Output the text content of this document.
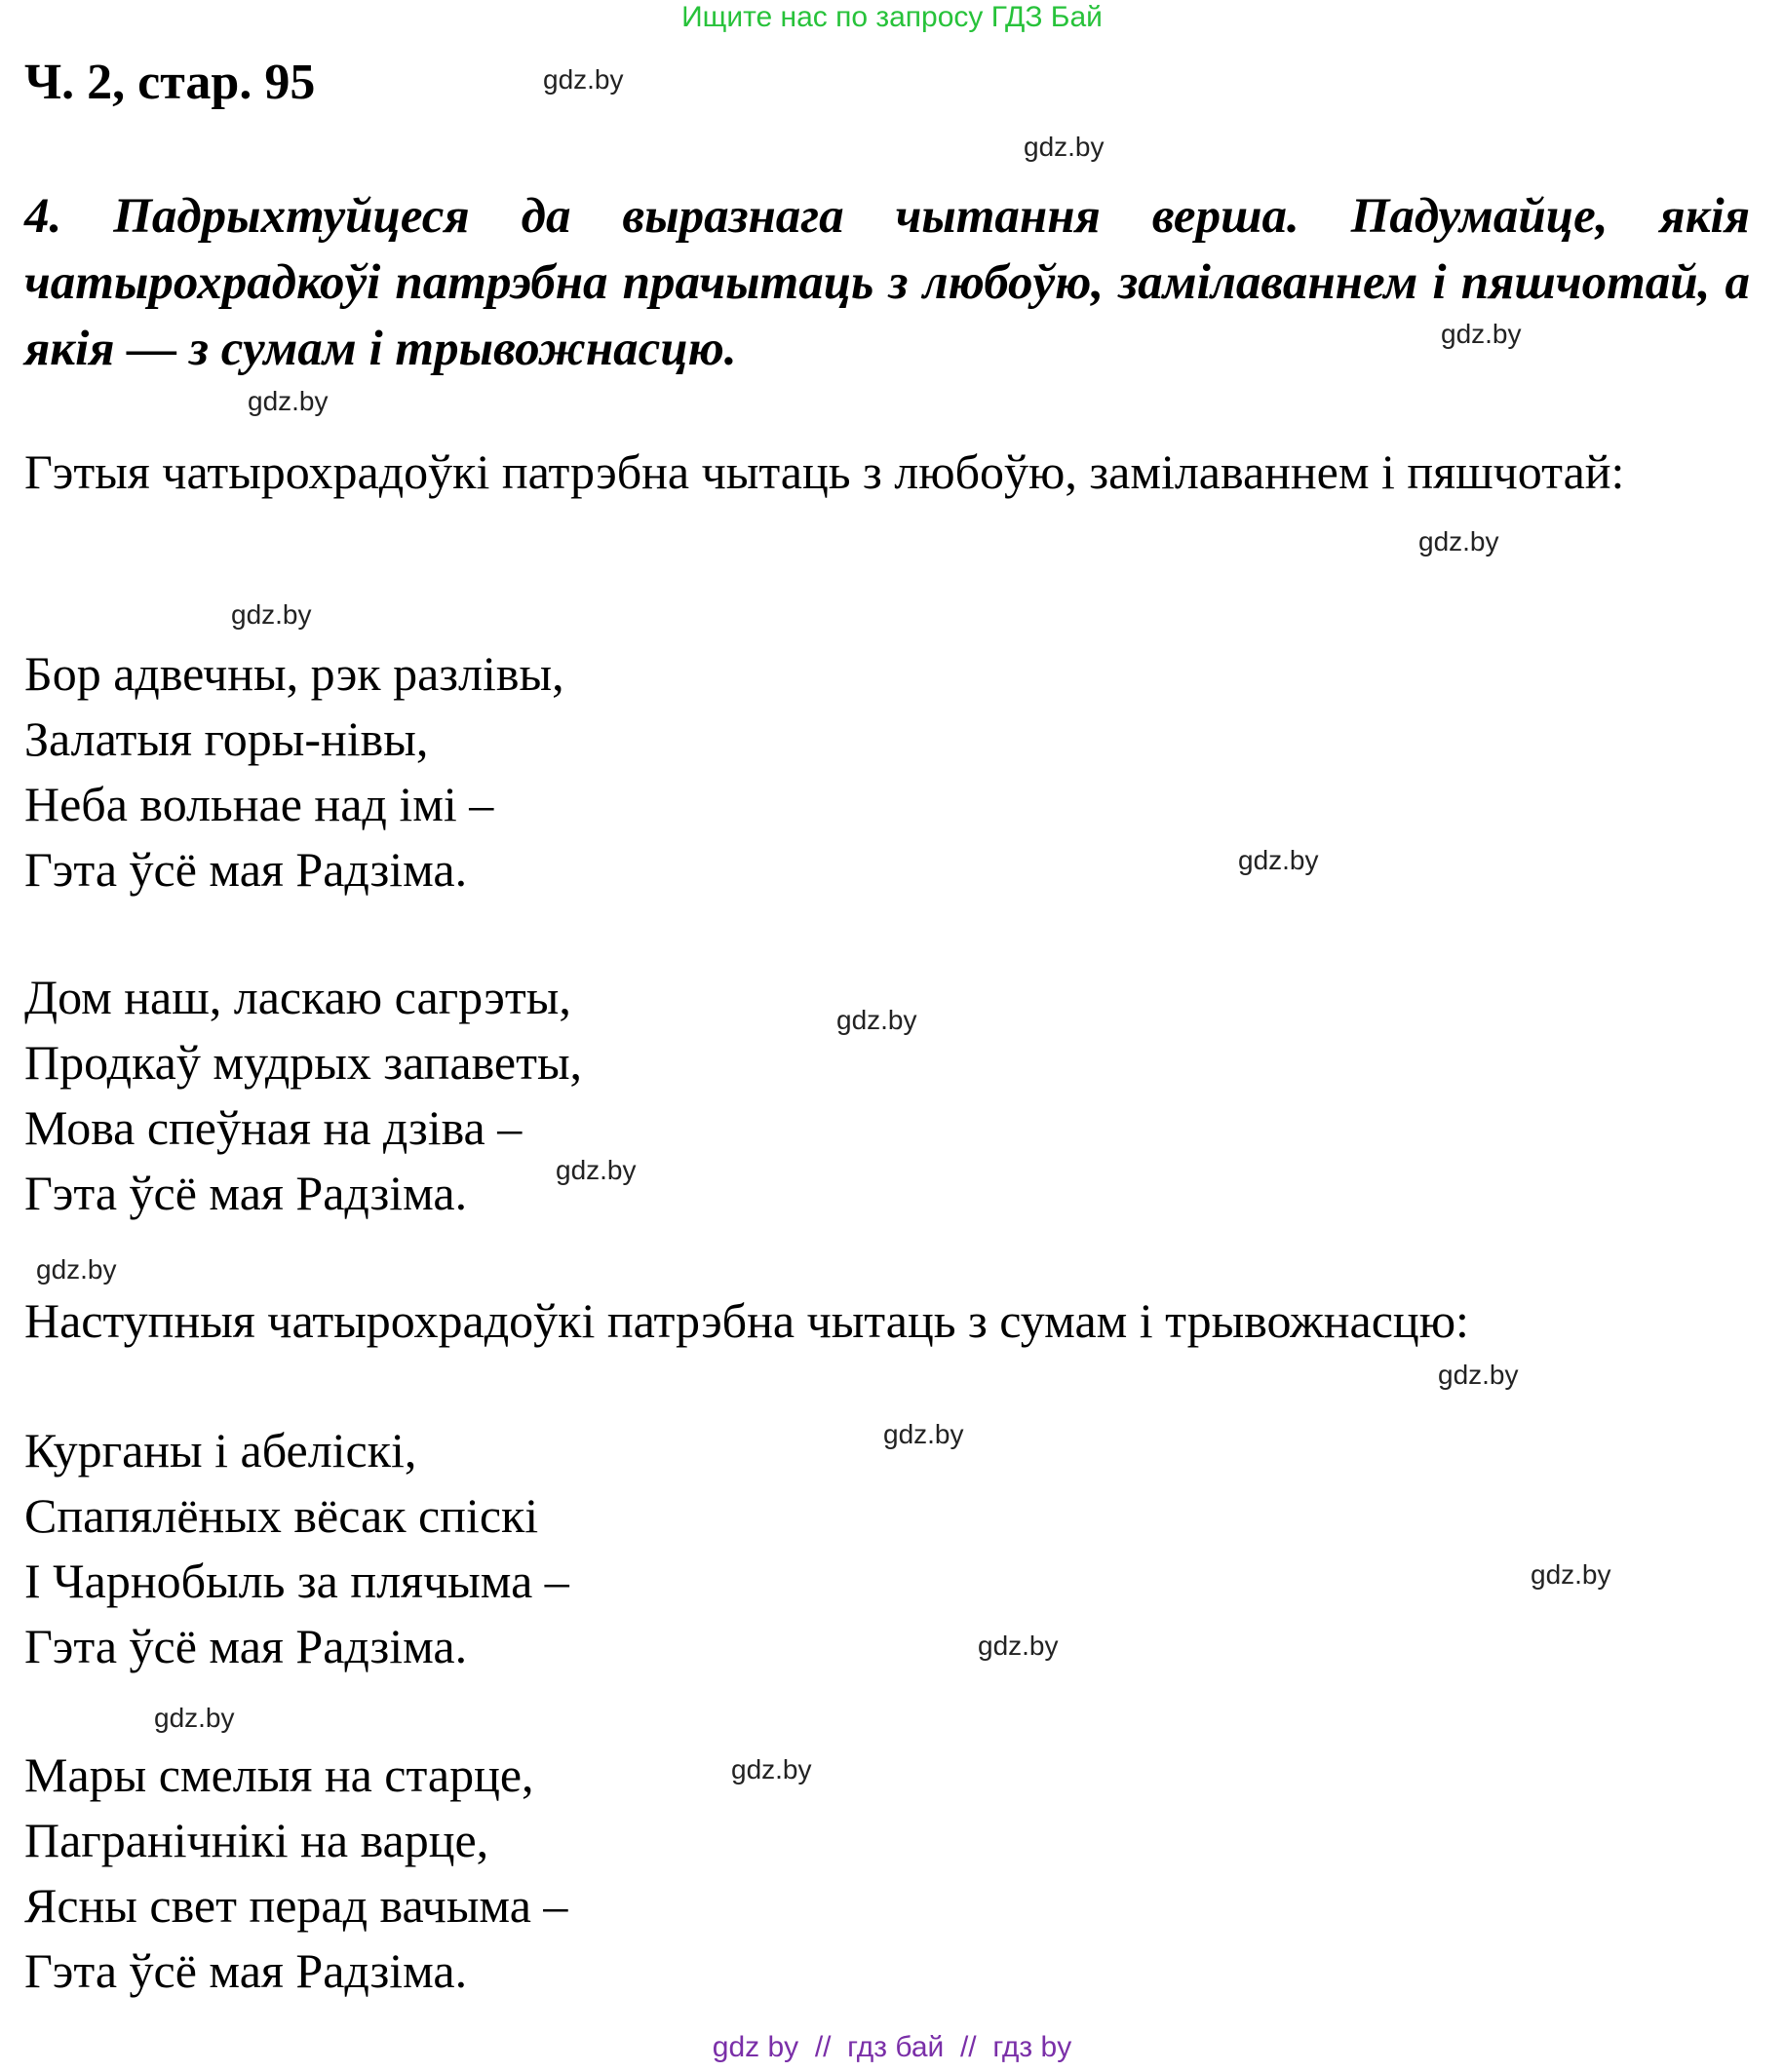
Ищите нас по запросу ГДЗ Бай
Ч. 2, стар. 95
4. Падрыхтуйцеся да выразнага чытання верша. Падумайце, якія чатырохрадкоўі патрэбна прачытаць з любоўю, замілаваннем і пяшчотай, а якія — з сумам і трывожнасцю.
Гэтыя чатырохрадоўкі патрэбна чытаць з любоўю, замілаваннем і пяшчотай:
Бор адвечны, рэк разлівы,
Залатыя горы-нівы,
Неба вольнае над імі –
Гэта ўсё мая Радзіма.
Дом наш, ласкаю сагрэты,
Продкаў мудрых запаветы,
Мова спеўная на дзіва –
Гэта ўсё мая Радзіма.
Наступныя чатырохрадоўкі патрэбна чытаць з сумам і трывожнасцю:
Курганы і абеліскі,
Спапялёных вёсак спіскі
І Чарнобыль за плячыма –
Гэта ўсё мая Радзіма.
Мары смелыя на старце,
Пагранічнікі на варце,
Ясны свет перад вачыма –
Гэта ўсё мая Радзіма.
gdz.by
gdz.by
gdz.by
gdz.by
gdz.by
gdz.by
gdz.by
gdz.by
gdz.by
gdz.by
gdz.by
gdz.by
gdz.by
gdz.by
gdz.by
gdz.by
gdz by  //  гдз бай  //  гдз by
